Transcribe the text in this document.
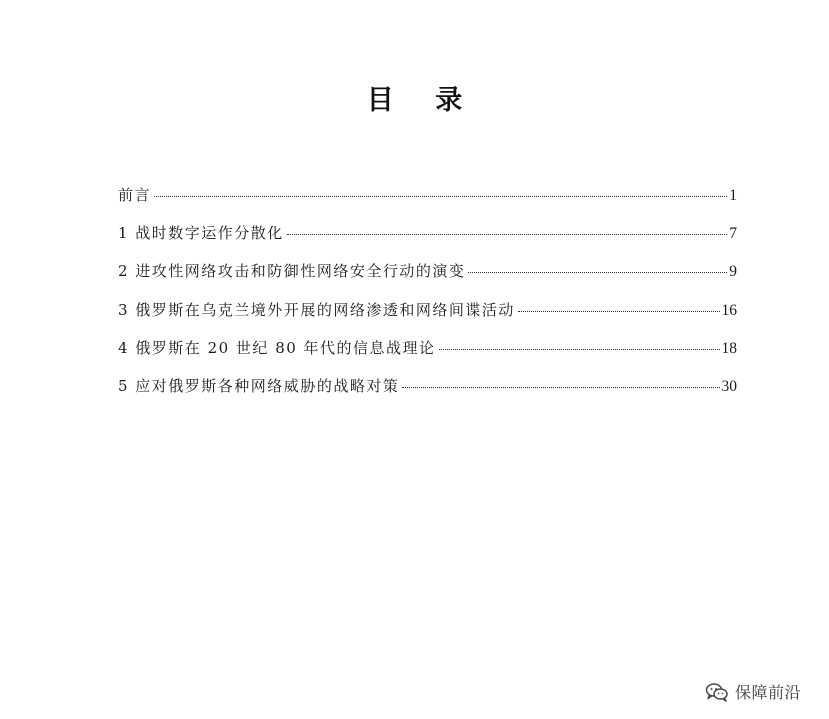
目 录
前言	1
1 战时数字运作分散化	7
2 进攻性网络攻击和防御性网络安全行动的演变	9
3 俄罗斯在乌克兰境外开展的网络渗透和网络间谍活动	16
4 俄罗斯在 20 世纪 80 年代的信息战理论	18
5 应对俄罗斯各种网络威胁的战略对策	30
保障前沿
